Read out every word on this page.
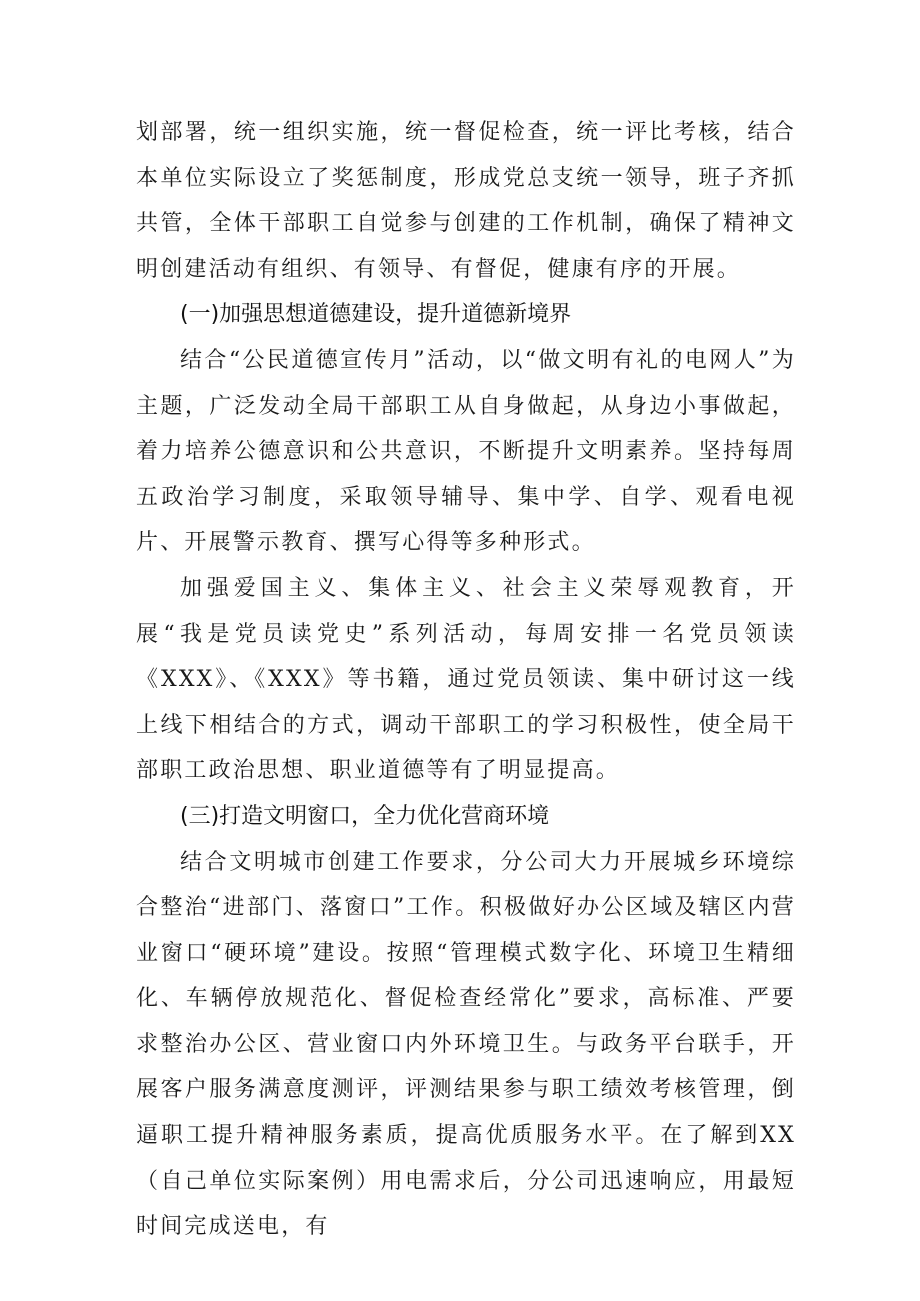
划部署，统一组织实施，统一督促检查，统一评比考核，结合本单位实际设立了奖惩制度，形成党总支统一领导，班子齐抓共管，全体干部职工自觉参与创建的工作机制，确保了精神文明创建活动有组织、有领导、有督促，健康有序的开展。

(一)加强思想道德建设，提升道德新境界

结合“公民道德宣传月”活动，以“做文明有礼的电网人”为主题，广泛发动全局干部职工从自身做起，从身边小事做起，着力培养公德意识和公共意识，不断提升文明素养。坚持每周五政治学习制度，采取领导辅导、集中学、自学、观看电视片、开展警示教育、撰写心得等多种形式。

加强爱国主义、集体主义、社会主义荣辱观教育，开展“我是党员读党史”系列活动，每周安排一名党员领读《XXX》、《XXX》等书籍，通过党员领读、集中研讨这一线上线下相结合的方式，调动干部职工的学习积极性，使全局干部职工政治思想、职业道德等有了明显提高。

(三)打造文明窗口，全力优化营商环境

结合文明城市创建工作要求，分公司大力开展城乡环境综合整治“进部门、落窗口”工作。积极做好办公区域及辖区内营业窗口“硬环境”建设。按照“管理模式数字化、环境卫生精细化、车辆停放规范化、督促检查经常化”要求，高标准、严要求整治办公区、营业窗口内外环境卫生。与政务平台联手，开展客户服务满意度测评，评测结果参与职工绩效考核管理，倒逼职工提升精神服务素质，提高优质服务水平。在了解到XX（自己单位实际案例）用电需求后，分公司迅速响应，用最短时间完成送电，有
